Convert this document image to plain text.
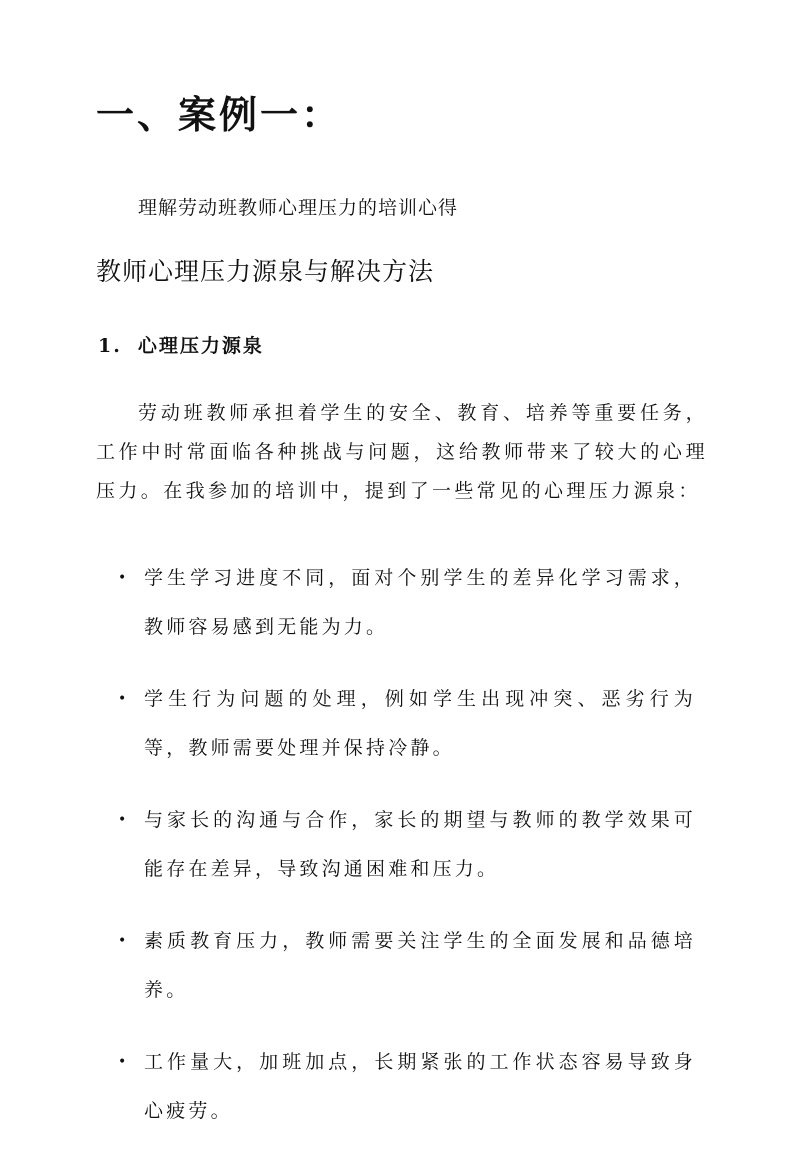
一、案例一：

理解劳动班教师心理压力的培训心得

教师心理压力源泉与解决方法
1. 心理压力源泉

劳动班教师承担着学生的安全、教育、培养等重要任务，工作中时常面临各种挑战与问题，这给教师带来了较大的心理压力。在我参加的培训中，提到了一些常见的心理压力源泉：

• 学生学习进度不同，面对个别学生的差异化学习需求，教师容易感到无能为力。
• 学生行为问题的处理，例如学生出现冲突、恶劣行为等，教师需要处理并保持冷静。
• 与家长的沟通与合作，家长的期望与教师的教学效果可能存在差异，导致沟通困难和压力。
• 素质教育压力，教师需要关注学生的全面发展和品德培养。
• 工作量大，加班加点，长期紧张的工作状态容易导致身心疲劳。
